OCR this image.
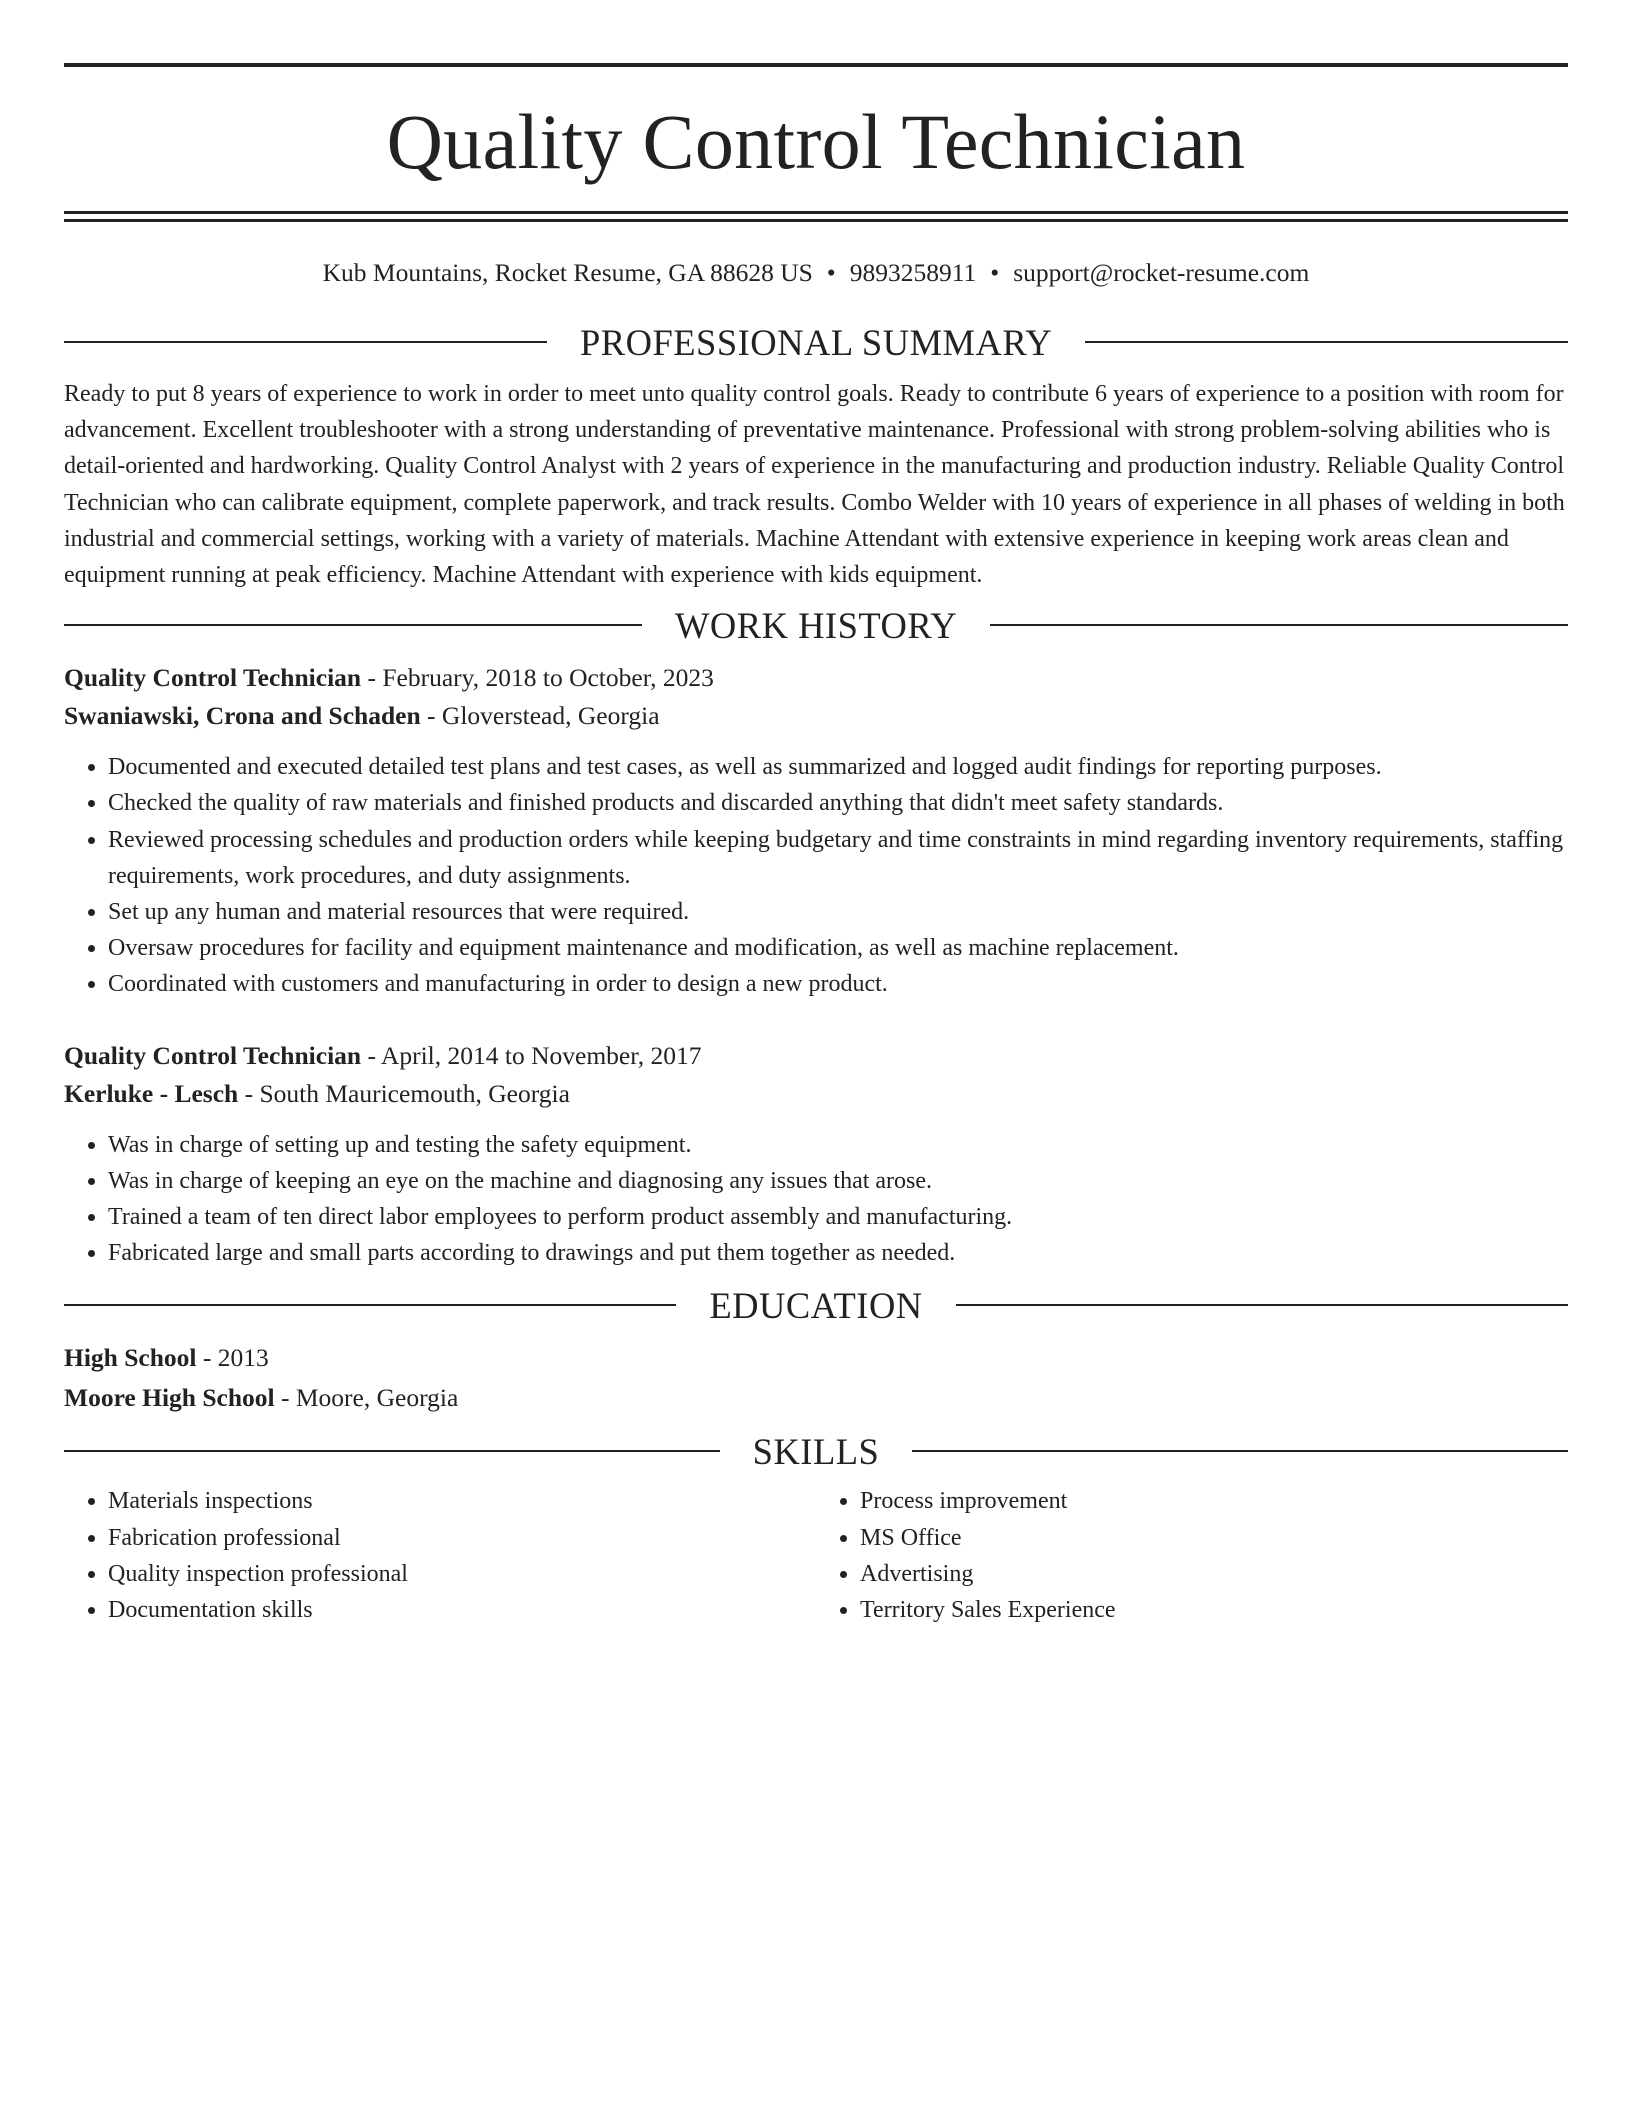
Quality Control Technician
Kub Mountains, Rocket Resume, GA 88628 US • 9893258911 • support@rocket-resume.com
PROFESSIONAL SUMMARY

Ready to put 8 years of experience to work in order to meet unto quality control goals. Ready to contribute 6 years of experience to a position with room for advancement. Excellent troubleshooter with a strong understanding of preventative maintenance. Professional with strong problem-solving abilities who is detail-oriented and hardworking. Quality Control Analyst with 2 years of experience in the manufacturing and production industry. Reliable Quality Control Technician who can calibrate equipment, complete paperwork, and track results. Combo Welder with 10 years of experience in all phases of welding in both industrial and commercial settings, working with a variety of materials. Machine Attendant with extensive experience in keeping work areas clean and equipment running at peak efficiency. Machine Attendant with experience with kids equipment.

WORK HISTORY

Quality Control Technician - February, 2018 to October, 2023

Swaniawski, Crona and Schaden - Gloverstead, Georgia

• Documented and executed detailed test plans and test cases, as well as summarized and logged audit findings for reporting purposes.
• Checked the quality of raw materials and finished products and discarded anything that didn't meet safety standards.
• Reviewed processing schedules and production orders while keeping budgetary and time constraints in mind regarding inventory requirements, staffing requirements, work procedures, and duty assignments.
• Set up any human and material resources that were required.
• Oversaw procedures for facility and equipment maintenance and modification, as well as machine replacement.
• Coordinated with customers and manufacturing in order to design a new product.

Quality Control Technician - April, 2014 to November, 2017

Kerluke - Lesch - South Mauricemouth, Georgia

• Was in charge of setting up and testing the safety equipment.
• Was in charge of keeping an eye on the machine and diagnosing any issues that arose.
• Trained a team of ten direct labor employees to perform product assembly and manufacturing.
• Fabricated large and small parts according to drawings and put them together as needed.
EDUCATION

High School - 2013

Moore High School - Moore, Georgia

SKILLS
• Materials inspections
• Fabrication professional
• Quality inspection professional
• Documentation skills
• Process improvement
• MS Office
• Advertising
• Territory Sales Experience
